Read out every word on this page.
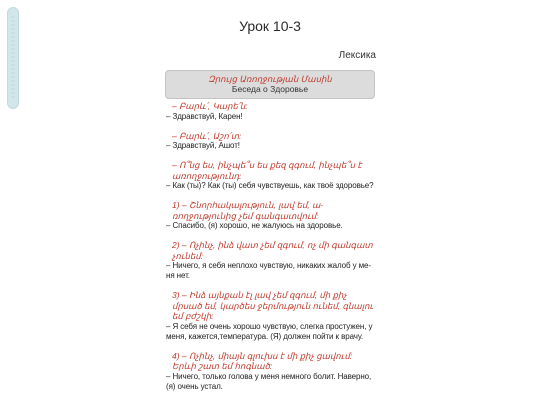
Урок 10-3
Лексика
Զրույց Առողջության Մասին
Беседа о Здоровье
– Բարև՛, Կարե՛ն:
– Здравствуй, Карен!
– Բարև՛, Աշո՛տ:
– Здравствуй, Ашот!
– Ո՞նց ես, ինչպե՞ս ես քեզ զգում, ինչպե՞ս է առողջությունդ:
– Как (ты)? Как (ты) себя чувствуешь, как твоё здоровье?
1) – Շնորհակալություն, լավ եմ, ա-ռողջությունից չեմ գանգատվում:
– Спасибо, (я) хорошо, не жалуюсь на здоровье.
2) – Ոչինչ, ինձ վատ չեմ զգում, ոչ մի գանգատ չունեմ:
– Ничего, я себя неплохо чувствую, никаких жалоб у ме-ня нет.
3) – Ինձ այնքան էլ լավ չեմ զգում, մի քիչ մրսած եմ, կարծես ջերմություն ունեմ, գնալու եմ բժշկի:
– Я себя не очень хорошо чувствую, слегка простужен, у меня, кажется,температура. (Я) должен пойти к врачу.
4) – Ոչինչ, միայն գլուխս է մի քիչ ցավում: Երևի շատ եմ հոգնած:
– Ничего, только голова у меня немного болит. Наверно, (я) очень устал.
